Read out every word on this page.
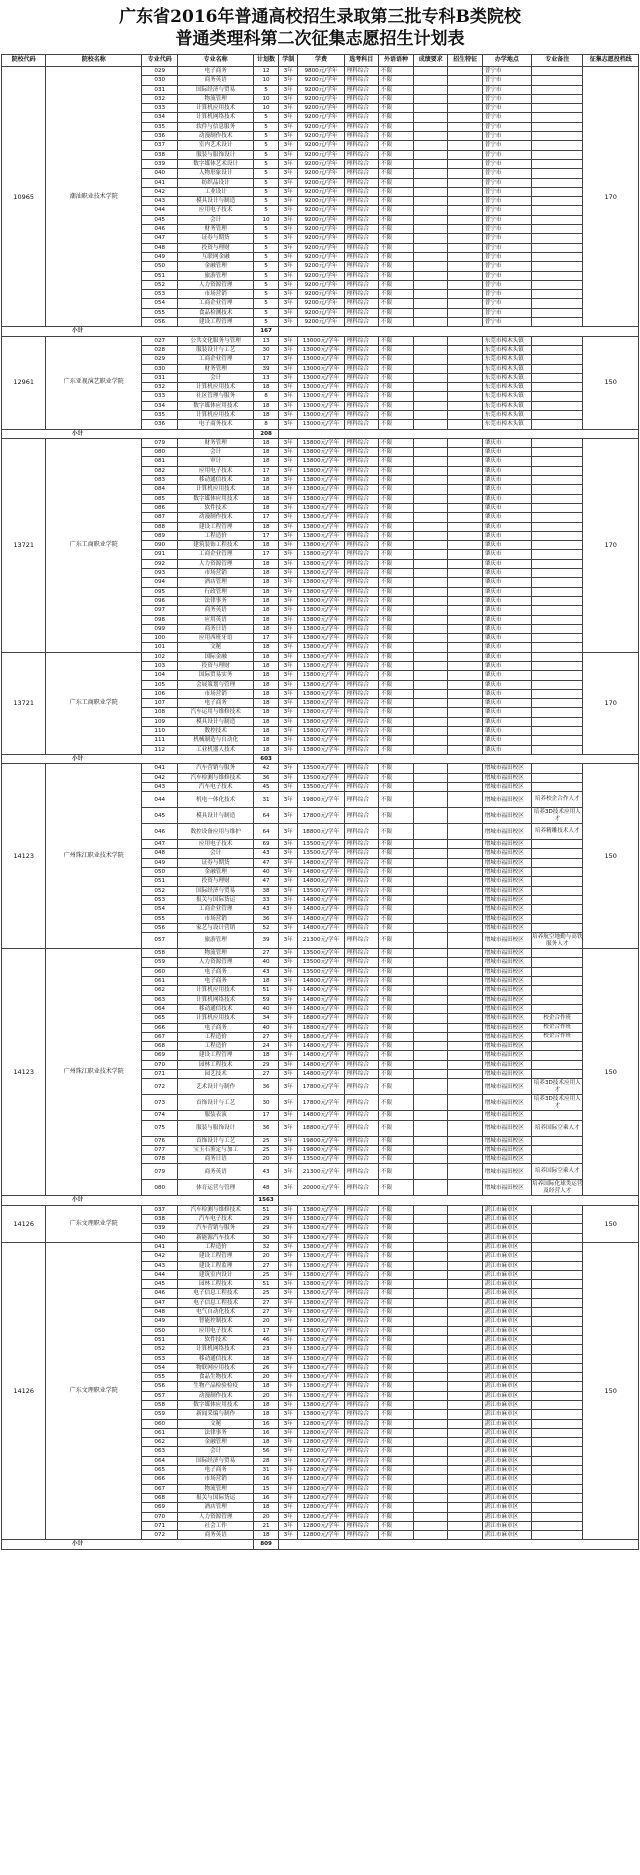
广东省2016年普通高校招生录取第三批专科B类院校
普通类理科第二次征集志愿招生计划表
院校代码	院校名称	专业代码	专业名称	计划数	学制	学费	选考科目	外语语种	成绩要求	招生特征	办学地点	专业备注	征集志愿投档线
10965	潮汕职业技术学院	029	电子商务	12	3年	9800元/学年	理科综合	不限			普宁市		170
		030	商务英语	10	3年	9200元/学年	理科综合	不限			普宁市		
		031	国际经济与贸易	5	3年	9200元/学年	理科综合	不限			普宁市		
		032	物流管理	10	3年	9200元/学年	理科综合	不限			普宁市		
		033	计算机应用技术	10	3年	9200元/学年	理科综合	不限			普宁市		
		034	计算机网络技术	5	3年	9200元/学年	理科综合	不限			普宁市		
		035	软件与信息服务	5	3年	9200元/学年	理科综合	不限			普宁市		
		036	动漫制作技术	5	3年	9200元/学年	理科综合	不限			普宁市		
		037	室内艺术设计	5	3年	9200元/学年	理科综合	不限			普宁市		
		038	服装与服饰设计	5	3年	9200元/学年	理科综合	不限			普宁市		
		039	数字媒体艺术设计	5	3年	9200元/学年	理科综合	不限			普宁市		
		040	人物形象设计	5	3年	9200元/学年	理科综合	不限			普宁市		
		041	纺织品设计	5	3年	9200元/学年	理科综合	不限			普宁市		
		042	工业设计	5	3年	9200元/学年	理科综合	不限			普宁市		
		043	模具设计与制造	5	3年	9200元/学年	理科综合	不限			普宁市		
		044	应用电子技术	5	3年	9200元/学年	理科综合	不限			普宁市		
		045	会计	10	3年	9200元/学年	理科综合	不限			普宁市		
		046	财务管理	5	3年	9200元/学年	理科综合	不限			普宁市		
		047	证券与期货	5	3年	9200元/学年	理科综合	不限			普宁市		
		048	投资与理财	5	3年	9200元/学年	理科综合	不限			普宁市		
		049	互联网金融	5	3年	9200元/学年	理科综合	不限			普宁市		
		050	金融管理	5	3年	9200元/学年	理科综合	不限			普宁市		
		051	旅游管理	5	3年	9200元/学年	理科综合	不限			普宁市		
		052	人力资源管理	5	3年	9200元/学年	理科综合	不限			普宁市		
		053	市场营销	5	3年	9200元/学年	理科综合	不限			普宁市		
		054	工商企业管理	5	3年	9200元/学年	理科综合	不限			普宁市		
		055	食品检测技术	5	3年	9200元/学年	理科综合	不限			普宁市		
		056	建设工程管理	5	3年	9200元/学年	理科综合	不限			普宁市		
小计				167									
12961	广东亚视演艺职业学院	027	公共文化服务与管理	13	3年	13000元/学年	理科综合	不限			东莞市樟木头镇		150
		028	服装设计与工艺	30	3年	13000元/学年	理科综合	不限			东莞市樟木头镇		
		029	工商企业管理	17	3年	13000元/学年	理科综合	不限			东莞市樟木头镇		
		030	财务管理	39	3年	13000元/学年	理科综合	不限			东莞市樟木头镇		
		031	会计	13	3年	13000元/学年	理科综合	不限			东莞市樟木头镇		
		032	计算机应用技术	18	3年	13000元/学年	理科综合	不限			东莞市樟木头镇		
		033	社区管理与服务	8	3年	13000元/学年	理科综合	不限			东莞市樟木头镇		
		034	数字媒体应用技术	18	3年	13000元/学年	理科综合	不限			东莞市樟木头镇		
		035	计算机应用技术	18	3年	13000元/学年	理科综合	不限			东莞市樟木头镇		
		036	电子商务技术	8	3年	13000元/学年	理科综合	不限			东莞市樟木头镇		
小计				208									
13721	广东工商职业学院	079	财务管理	18	3年	13800元/学年	理科综合	不限			肇庆市		170
		080	会计	18	3年	13800元/学年	理科综合	不限			肇庆市		
		081	审计	18	3年	13800元/学年	理科综合	不限			肇庆市		
		082	应用电子技术	17	3年	13800元/学年	理科综合	不限			肇庆市		
		083	移动通信技术	18	3年	13800元/学年	理科综合	不限			肇庆市		
		084	计算机应用技术	18	3年	13800元/学年	理科综合	不限			肇庆市		
		085	数字媒体应用技术	18	3年	13800元/学年	理科综合	不限			肇庆市		
		086	软件技术	18	3年	13800元/学年	理科综合	不限			肇庆市		
		087	动漫制作技术	17	3年	13800元/学年	理科综合	不限			肇庆市		
		088	建设工程管理	18	3年	13800元/学年	理科综合	不限			肇庆市		
		089	工程造价	17	3年	13800元/学年	理科综合	不限			肇庆市		
		090	建筑装饰工程技术	18	3年	13800元/学年	理科综合	不限			肇庆市		
		091	工商企业管理	17	3年	13800元/学年	理科综合	不限			肇庆市		
		092	人力资源管理	18	3年	13800元/学年	理科综合	不限			肇庆市		
		093	市场营销	18	3年	13800元/学年	理科综合	不限			肇庆市		
		094	酒店管理	18	3年	13800元/学年	理科综合	不限			肇庆市		
		095	行政管理	18	3年	13800元/学年	理科综合	不限			肇庆市		
		096	法律事务	18	3年	13800元/学年	理科综合	不限			肇庆市		
		097	商务英语	18	3年	13800元/学年	理科综合	不限			肇庆市		
		098	应用英语	18	3年	13800元/学年	理科综合	不限			肇庆市		
		099	商务日语	18	3年	13800元/学年	理科综合	不限			肇庆市		
		100	应用西班牙语	17	3年	13800元/学年	理科综合	不限			肇庆市		
		101	文秘	18	3年	13800元/学年	理科综合	不限			肇庆市		
13721	广东工商职业学院	102	国际金融	18	3年	13800元/学年	理科综合	不限			肇庆市		170
		103	投资与理财	18	3年	13800元/学年	理科综合	不限			肇庆市		
		104	国际贸易实务	18	3年	13800元/学年	理科综合	不限			肇庆市		
		105	会展策划与管理	18	3年	13800元/学年	理科综合	不限			肇庆市		
		106	市场营销	18	3年	13800元/学年	理科综合	不限			肇庆市		
		107	电子商务	18	3年	13800元/学年	理科综合	不限			肇庆市		
		108	汽车运用与维修技术	18	3年	13800元/学年	理科综合	不限			肇庆市		
		109	模具设计与制造	18	3年	13800元/学年	理科综合	不限			肇庆市		
		110	数控技术	18	3年	13800元/学年	理科综合	不限			肇庆市		
		111	机械制造与自动化	18	3年	13800元/学年	理科综合	不限			肇庆市		
		112	工业机器人技术	18	3年	13800元/学年	理科综合	不限			肇庆市		
小计				603									
14123	广州珠江职业技术学院	041	汽车营销与服务	42	3年	13500元/学年	理科综合	不限			增城市福田校区		150
		042	汽车检测与维修技术	36	3年	13500元/学年	理科综合	不限			增城市福田校区		
		043	汽车电子技术	45	3年	13500元/学年	理科综合	不限			增城市福田校区		
		044	机电一体化技术	31	3年	19800元/学年	理科综合	不限			增城市福田校区	培养校企合作人才	
		045	模具设计与制造	64	3年	17800元/学年	理科综合	不限			增城市福田校区	培养3D技术应用人才	
		046	数控设备应用与维护	64	3年	18800元/学年	理科综合	不限			增城市福田校区	培养精雕技术人才	
		047	应用电子技术	69	3年	13500元/学年	理科综合	不限			增城市福田校区		
		048	会计	43	3年	13500元/学年	理科综合	不限			增城市福田校区		
		049	证券与期货	47	3年	14800元/学年	理科综合	不限			增城市福田校区		
		050	金融管理	40	3年	14800元/学年	理科综合	不限			增城市福田校区		
		051	投资与理财	47	3年	14800元/学年	理科综合	不限			增城市福田校区		
		052	国际经济与贸易	38	3年	13500元/学年	理科综合	不限			增城市福田校区		
		053	报关与国际货运	33	3年	14800元/学年	理科综合	不限			增城市福田校区		
		054	工商企业管理	43	3年	14800元/学年	理科综合	不限			增城市福田校区		
		055	市场营销	36	3年	14800元/学年	理科综合	不限			增城市福田校区		
		056	家艺与设计营销	52	3年	14800元/学年	理科综合	不限			增城市福田校区		
		057	旅游管理	39	3年	21300元/学年	理科综合	不限			增城市福田校区	培养航空地勤与高铁服务人才	
14123	广州珠江职业技术学院	058	物流管理	27	3年	13500元/学年	理科综合	不限			增城市福田校区		150
		059	人力资源管理	40	3年	13500元/学年	理科综合	不限			增城市福田校区		
		060	电子商务	43	3年	13500元/学年	理科综合	不限			增城市福田校区		
		061	电子商务	18	3年	14800元/学年	理科综合	不限			增城市福田校区		
		062	计算机应用技术	51	3年	14800元/学年	理科综合	不限			增城市福田校区		
		063	计算机网络技术	59	3年	14800元/学年	理科综合	不限			增城市福田校区		
		064	移动通信技术	40	3年	14800元/学年	理科综合	不限			增城市福田校区		
		065	计算机应用技术	34	3年	18800元/学年	理科综合	不限			增城市福田校区	校企合作班	
		066	电子商务	40	3年	18800元/学年	理科综合	不限			增城市福田校区	校企合作班	
		067	工程造价	27	3年	18800元/学年	理科综合	不限			增城市福田校区	校企合作班	
		068	工程造价	24	3年	14800元/学年	理科综合	不限			增城市福田校区		
		069	建设工程管理	18	3年	14800元/学年	理科综合	不限			增城市福田校区		
		070	园林工程技术	29	3年	14800元/学年	理科综合	不限			增城市福田校区		
		071	园艺技术	27	3年	14800元/学年	理科综合	不限			增城市福田校区		
		072	艺术设计与制作	36	3年	17800元/学年	理科综合	不限			增城市福田校区	培养3D技术应用人才	
		073	首饰设计与工艺	30	3年	17800元/学年	理科综合	不限			增城市福田校区	培养3D技术应用人才	
		074	服装表演	17	3年	14800元/学年	理科综合	不限			增城市福田校区		
		075	服装与服饰设计	36	3年	18800元/学年	理科综合	不限			增城市福田校区	培养国际空乘人才	
		076	首饰设计与工艺	25	3年	19800元/学年	理科综合	不限			增城市福田校区		
		077	宝玉石鉴定与加工	25	3年	19800元/学年	理科综合	不限			增城市福田校区		
		078	商务日语	20	3年	13500元/学年	理科综合	不限			增城市福田校区		
		079	商务英语	43	3年	21300元/学年	理科综合	不限			增城市福田校区	培养国际空乘人才	
		080	体育运营与管理	48	3年	20000元/学年	理科综合	不限			增城市福田校区	培养国际化球类运营及经营人才	
小计				1563									
14126	广东文理职业学院	037	汽车检测与维修技术	51	3年	13800元/学年	理科综合	不限			湛江市麻章区		150
		038	汽车电子技术	29	3年	13800元/学年	理科综合	不限			湛江市麻章区		
		039	汽车营销与服务	29	3年	13800元/学年	理科综合	不限			湛江市麻章区		
		040	新能源汽车技术	30	3年	13800元/学年	理科综合	不限			湛江市麻章区		
14126	广东文理职业学院	041	工程造价	32	3年	13800元/学年	理科综合	不限			湛江市麻章区		150
		042	建设工程管理	20	3年	13800元/学年	理科综合	不限			湛江市麻章区		
		043	建设工程监理	27	3年	13800元/学年	理科综合	不限			湛江市麻章区		
		044	建筑室内设计	25	3年	13800元/学年	理科综合	不限			湛江市麻章区		
		045	园林工程技术	51	3年	13800元/学年	理科综合	不限			湛江市麻章区		
		046	电子信息工程技术	25	3年	13800元/学年	理科综合	不限			湛江市麻章区		
		047	电子信息工程技术	27	3年	13800元/学年	理科综合	不限			湛江市麻章区		
		048	电气自动化技术	27	3年	13800元/学年	理科综合	不限			湛江市麻章区		
		049	智能控制技术	20	3年	13800元/学年	理科综合	不限			湛江市麻章区		
		050	应用电子技术	17	3年	13800元/学年	理科综合	不限			湛江市麻章区		
		051	软件技术	46	3年	13800元/学年	理科综合	不限			湛江市麻章区		
		052	计算机网络技术	23	3年	13800元/学年	理科综合	不限			湛江市麻章区		
		053	移动通信技术	18	3年	13800元/学年	理科综合	不限			湛江市麻章区		
		054	物联网应用技术	26	3年	13800元/学年	理科综合	不限			湛江市麻章区		
		055	食品生物技术	20	3年	13800元/学年	理科综合	不限			湛江市麻章区		
		056	生物产品检验检疫	18	3年	13800元/学年	理科综合	不限			湛江市麻章区		
		057	动漫制作技术	20	3年	13800元/学年	理科综合	不限			湛江市麻章区		
		058	数字媒体应用技术	18	3年	13800元/学年	理科综合	不限			湛江市麻章区		
		059	新闻采编与制作	18	3年	13800元/学年	理科综合	不限			湛江市麻章区		
		060	文秘	16	3年	12800元/学年	理科综合	不限			湛江市麻章区		
		061	法律事务	16	3年	12800元/学年	理科综合	不限			湛江市麻章区		
		062	金融管理	18	3年	12800元/学年	理科综合	不限			湛江市麻章区		
		063	会计	56	3年	12800元/学年	理科综合	不限			湛江市麻章区		
		064	国际经济与贸易	28	3年	12800元/学年	理科综合	不限			湛江市麻章区		
		065	电子商务	31	3年	12800元/学年	理科综合	不限			湛江市麻章区		
		066	市场营销	16	3年	12800元/学年	理科综合	不限			湛江市麻章区		
		067	物流管理	15	3年	12800元/学年	理科综合	不限			湛江市麻章区		
		068	报关与国际货运	16	3年	12800元/学年	理科综合	不限			湛江市麻章区		
		069	酒店管理	18	3年	12800元/学年	理科综合	不限			湛江市麻章区		
		070	人力资源管理	20	3年	12800元/学年	理科综合	不限			湛江市麻章区		
		071	社会工作	21	3年	12800元/学年	理科综合	不限			湛江市麻章区		
		072	商务英语	18	3年	12800元/学年	理科综合	不限			湛江市麻章区		
小计				809									
